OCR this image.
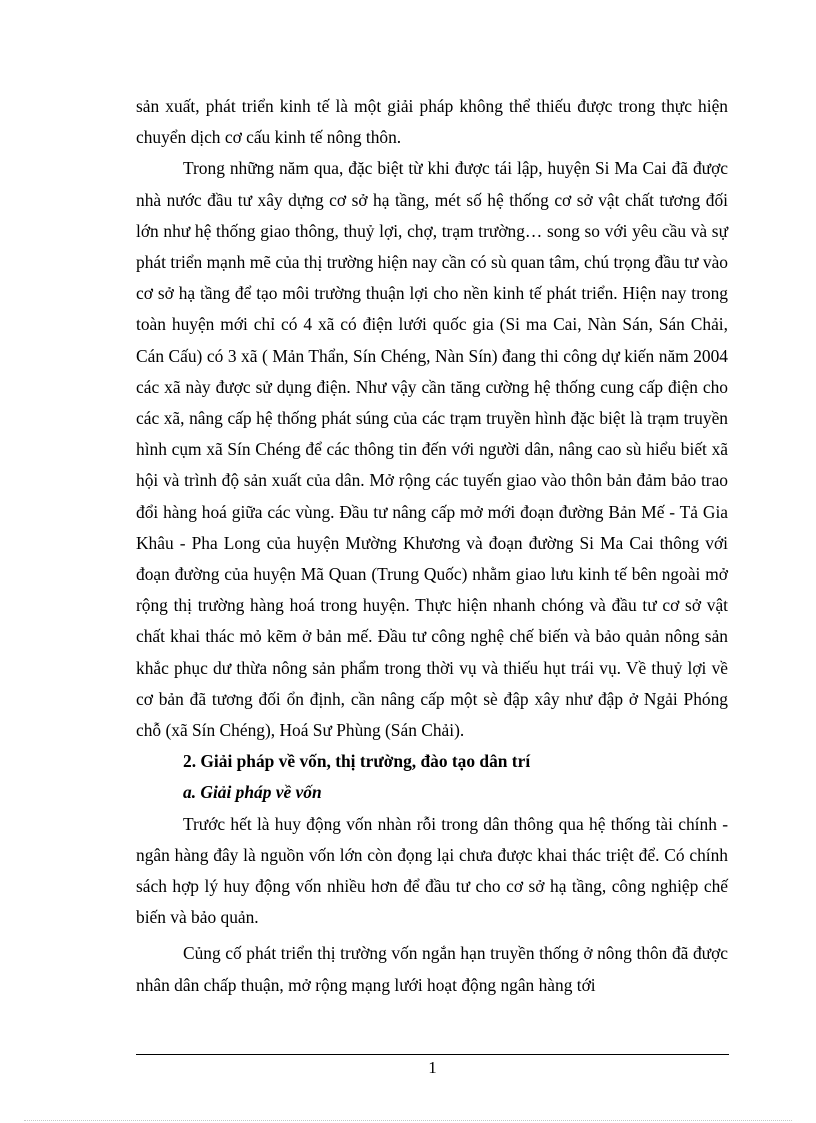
sản xuất, phát triển kinh tế là một giải pháp không thể thiếu được trong thực hiện chuyển dịch cơ cấu kinh tế nông thôn.

Trong những năm qua, đặc biệt từ khi được tái lập, huyện Si Ma Cai đã được nhà nước đầu tư xây dựng cơ sở hạ tầng, mét số hệ thống cơ sở vật chất tương đối lớn như hệ thống giao thông, thuỷ lợi, chợ, trạm trường… song so với yêu cầu và sự phát triển mạnh mẽ của thị trường hiện nay cần có sù quan tâm, chú trọng đầu tư vào cơ sở hạ tầng để tạo môi trường thuận lợi cho nền kinh tế phát triển. Hiện nay trong toàn huyện mới chỉ có 4 xã có điện lưới quốc gia (Si ma Cai, Nàn Sán, Sán Chải, Cán Cấu) có 3 xã ( Mản Thẩn, Sín Chéng, Nàn Sín) đang thi công dự kiến năm 2004 các xã này được sử dụng điện. Như vậy cần tăng cường hệ thống cung cấp điện cho các xã, nâng cấp hệ thống phát súng của các trạm truyền hình đặc biệt là trạm truyền hình cụm xã Sín Chéng để các thông tin đến với người dân, nâng cao sù hiểu biết xã hội và trình độ sản xuất của dân. Mở rộng các tuyến giao vào thôn bản đảm bảo trao đổi hàng hoá giữa các vùng. Đầu tư nâng cấp mở mới đoạn đường Bản Mế - Tả Gia Khâu - Pha Long của huyện Mường Khương và đoạn đường Si Ma Cai thông với đoạn đường của huyện Mã Quan (Trung Quốc) nhằm giao lưu kinh tế bên ngoài mở rộng thị trường hàng hoá trong huyện. Thực hiện nhanh chóng và đầu tư cơ sở vật chất khai thác mỏ kẽm ở bản mế. Đầu tư công nghệ chế biến và bảo quản nông sản khắc phục dư thừa nông sản phẩm trong thời vụ và thiếu hụt trái vụ. Về thuỷ lợi về cơ bản đã tương đối ổn định, cần nâng cấp một sè đập xây như đập ở Ngải Phóng chỗ (xã Sín Chéng), Hoá Sư Phùng (Sán Chải).

2. Giải pháp về vốn, thị trường, đào tạo dân trí

a. Giải pháp về vốn

Trước hết là huy động vốn nhàn rỗi trong dân thông qua hệ thống tài chính - ngân hàng đây là nguồn vốn lớn còn đọng lại chưa được khai thác triệt để. Có chính sách hợp lý huy động vốn nhiều hơn để đầu tư cho cơ sở hạ tầng, công nghiệp chế biến và bảo quản.

Củng cố phát triển thị trường vốn ngắn hạn truyền thống ở nông thôn đã được nhân dân chấp thuận, mở rộng mạng lưới hoạt động ngân hàng tới

1
